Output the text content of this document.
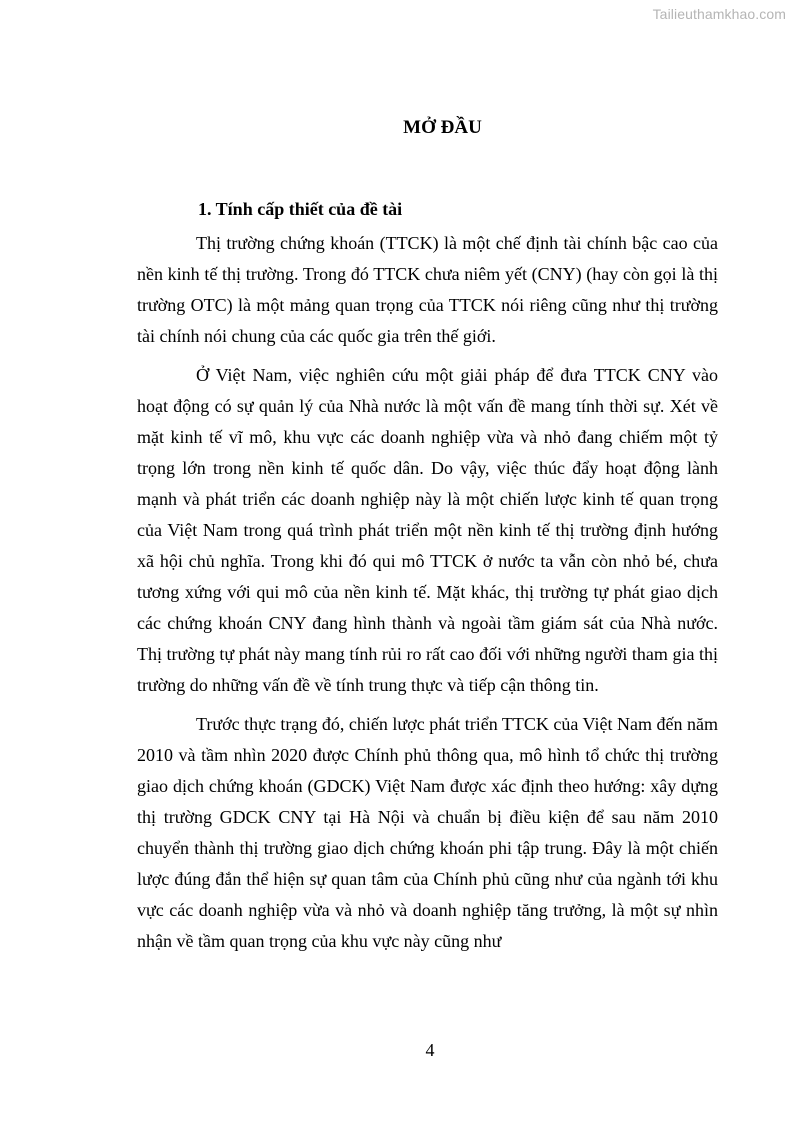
Tailieuthamkhao.com
MỞ ĐẦU
1. Tính cấp thiết của đề tài

Thị trường chứng khoán (TTCK) là một chế định tài chính bậc cao của nền kinh tế thị trường. Trong đó TTCK chưa niêm yết (CNY) (hay còn gọi là thị trường OTC) là một mảng quan trọng của TTCK nói riêng cũng như thị trường tài chính nói chung của các quốc gia trên thế giới.

Ở Việt Nam, việc nghiên cứu một giải pháp để đưa TTCK CNY vào hoạt động có sự quản lý của Nhà nước là một vấn đề mang tính thời sự. Xét về mặt kinh tế vĩ mô, khu vực các doanh nghiệp vừa và nhỏ đang chiếm một tỷ trọng lớn trong nền kinh tế quốc dân. Do vậy, việc thúc đẩy hoạt động lành mạnh và phát triển các doanh nghiệp này là một chiến lược kinh tế quan trọng của Việt Nam trong quá trình phát triển một nền kinh tế thị trường định hướng xã hội chủ nghĩa. Trong khi đó qui mô TTCK ở nước ta vẫn còn nhỏ bé, chưa tương xứng với qui mô của nền kinh tế. Mặt khác, thị trường tự phát giao dịch các chứng khoán CNY đang hình thành và ngoài tầm giám sát của Nhà nước. Thị trường tự phát này mang tính rủi ro rất cao đối với những người tham gia thị trường do những vấn đề về tính trung thực và tiếp cận thông tin.

Trước thực trạng đó, chiến lược phát triển TTCK của Việt Nam đến năm 2010 và tầm nhìn 2020 được Chính phủ thông qua, mô hình tổ chức thị trường giao dịch chứng khoán (GDCK) Việt Nam được xác định theo hướng: xây dựng thị trường GDCK CNY tại Hà Nội và chuẩn bị điều kiện để sau năm 2010 chuyển thành thị trường giao dịch chứng khoán phi tập trung. Đây là một chiến lược đúng đắn thể hiện sự quan tâm của Chính phủ cũng như của ngành tới khu vực các doanh nghiệp vừa và nhỏ và doanh nghiệp tăng trưởng, là một sự nhìn nhận về tầm quan trọng của khu vực này cũng như

4
